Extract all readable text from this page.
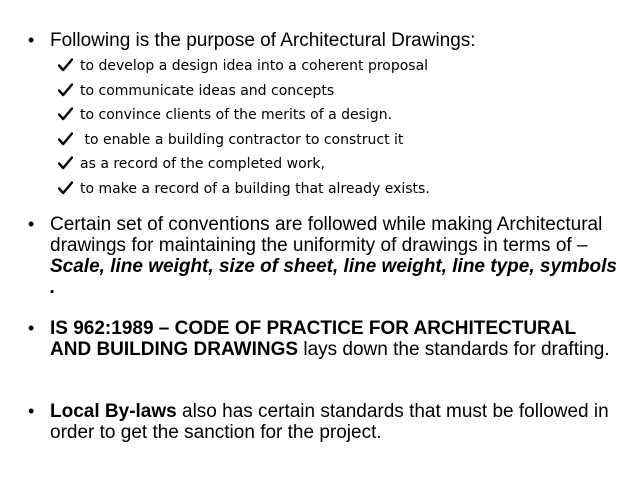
• Following is the purpose of Architectural Drawings:
to develop a design idea into a coherent proposal
to communicate ideas and concepts
to convince clients of the merits of a design.
to enable a building contractor to construct it
as a record of the completed work,
to make a record of a building that already exists.
• Certain set of conventions are followed while making Architectural drawings for maintaining the uniformity of drawings in terms of – Scale, line weight, size of sheet, line weight, line type, symbols .
• IS 962:1989 – CODE OF PRACTICE FOR ARCHITECTURAL AND BUILDING DRAWINGS lays down the standards for drafting.
• Local By-laws also has certain standards that must be followed in order to get the sanction for the project.
